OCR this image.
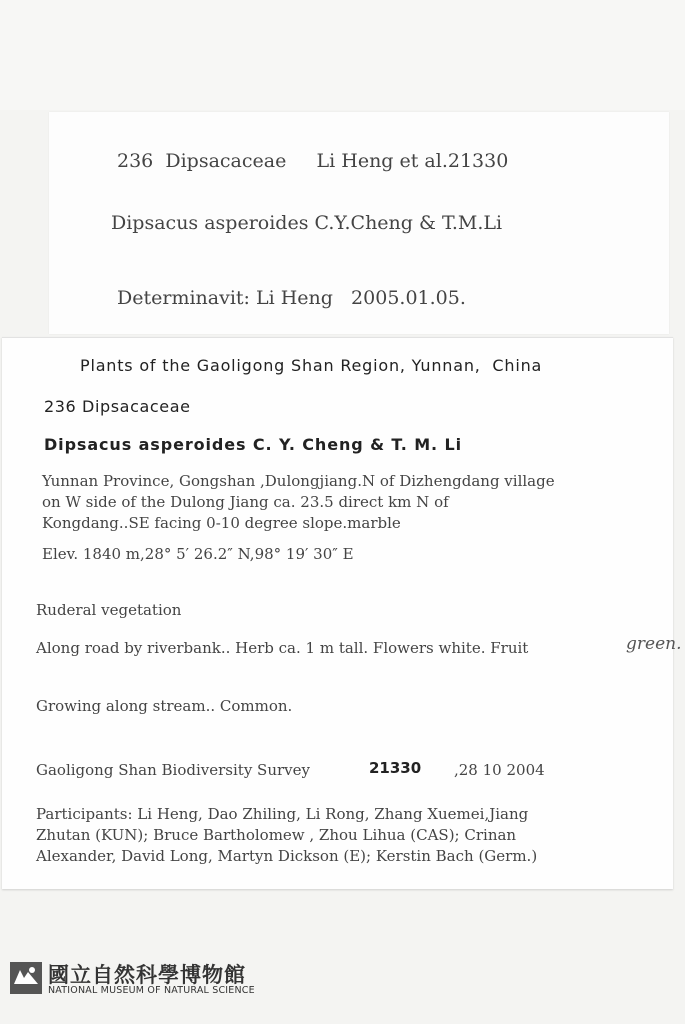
236  Dipsacaceae     Li Heng et al.21330
Dipsacus asperoides C.Y.Cheng & T.M.Li
Determinavit: Li Heng   2005.01.05.
Plants of the Gaoligong Shan Region, Yunnan,  China
236 Dipsacaceae
Dipsacus asperoides C. Y. Cheng & T. M. Li
Yunnan Province, Gongshan ,Dulongjiang.N of Dizhengdang village
on W side of the Dulong Jiang ca. 23.5 direct km N of
Kongdang..SE facing 0-10 degree slope.marble
Elev. 1840 m,28° 5′ 26.2″ N,98° 19′ 30″ E
Ruderal vegetation
Along road by riverbank.. Herb ca. 1 m tall. Flowers white. Fruit	green.
Growing along stream.. Common.
Gaoligong Shan Biodiversity Survey	21330 ,28 10 2004
Participants: Li Heng, Dao Zhiling, Li Rong, Zhang Xuemei,Jiang
Zhutan (KUN); Bruce Bartholomew , Zhou Lihua (CAS); Crinan
Alexander, David Long, Martyn Dickson (E); Kerstin Bach (Germ.)
國立自然科學博物館
NATIONAL MUSEUM OF NATURAL SCIENCE
